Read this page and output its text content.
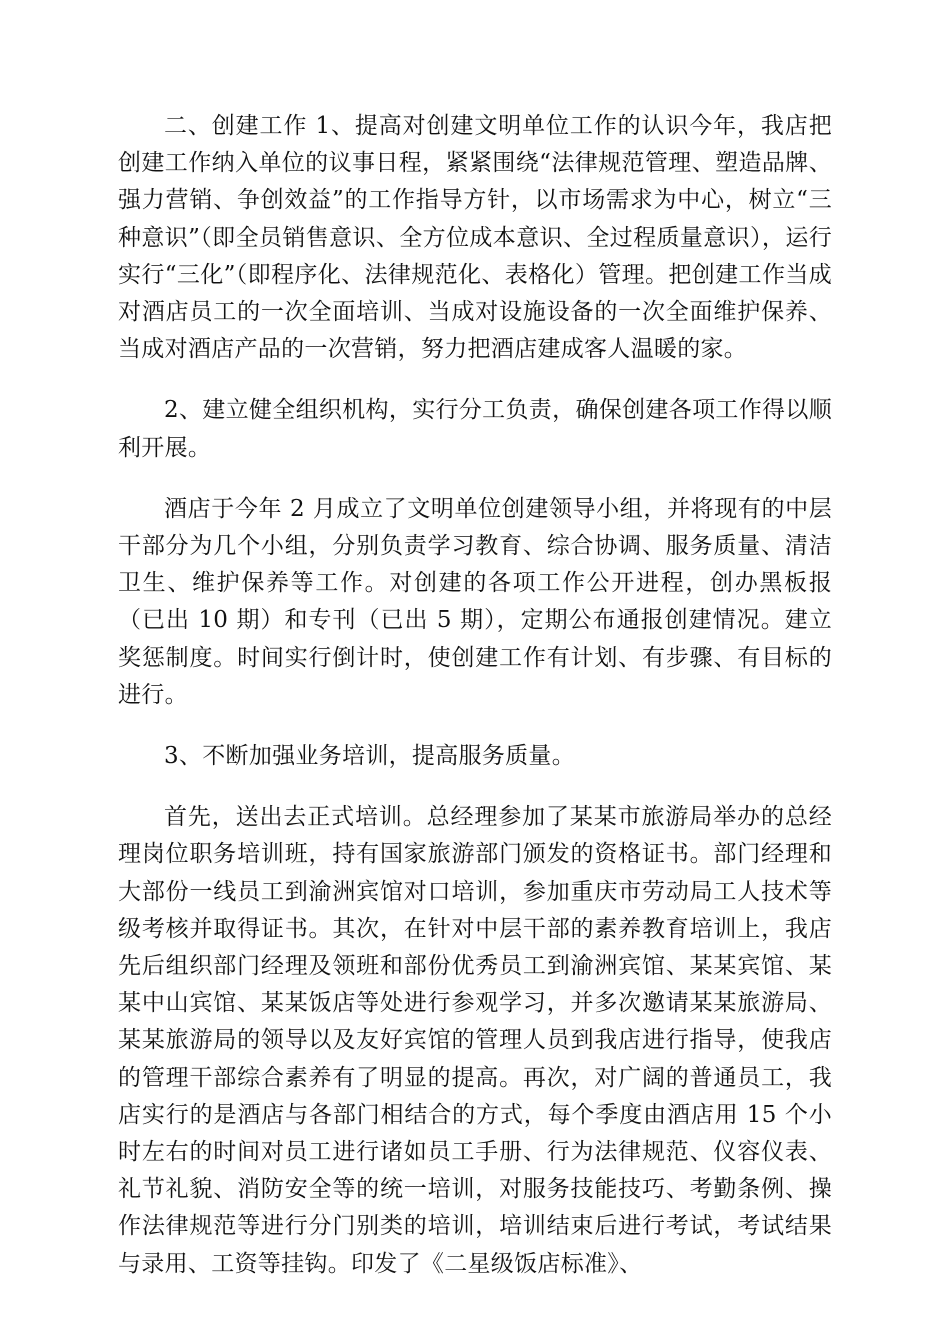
二、创建工作 1、提高对创建文明单位工作的认识今年，我店把创建工作纳入单位的议事日程，紧紧围绕“法律规范管理、塑造品牌、强力营销、争创效益”的工作指导方针，以市场需求为中心，树立“三种意识”（即全员销售意识、全方位成本意识、全过程质量意识），运行实行“三化”（即程序化、法律规范化、表格化）管理。把创建工作当成对酒店员工的一次全面培训、当成对设施设备的一次全面维护保养、当成对酒店产品的一次营销，努力把酒店建成客人温暖的家。

2、建立健全组织机构，实行分工负责，确保创建各项工作得以顺利开展。

酒店于今年 2 月成立了文明单位创建领导小组，并将现有的中层干部分为几个小组，分别负责学习教育、综合协调、服务质量、清洁卫生、维护保养等工作。对创建的各项工作公开进程，创办黑板报（已出 10 期）和专刊（已出 5 期），定期公布通报创建情况。建立奖惩制度。时间实行倒计时，使创建工作有计划、有步骤、有目标的进行。

3、不断加强业务培训，提高服务质量。

首先，送出去正式培训。总经理参加了某某市旅游局举办的总经理岗位职务培训班，持有国家旅游部门颁发的资格证书。部门经理和大部份一线员工到渝洲宾馆对口培训，参加重庆市劳动局工人技术等级考核并取得证书。其次，在针对中层干部的素养教育培训上，我店先后组织部门经理及领班和部份优秀员工到渝洲宾馆、某某宾馆、某某中山宾馆、某某饭店等处进行参观学习，并多次邀请某某旅游局、某某旅游局的领导以及友好宾馆的管理人员到我店进行指导，使我店的管理干部综合素养有了明显的提高。再次，对广阔的普通员工，我店实行的是酒店与各部门相结合的方式，每个季度由酒店用 15 个小时左右的时间对员工进行诸如员工手册、行为法律规范、仪容仪表、礼节礼貌、消防安全等的统一培训，对服务技能技巧、考勤条例、操作法律规范等进行分门别类的培训，培训结束后进行考试，考试结果与录用、工资等挂钩。印发了《二星级饭店标准》、
